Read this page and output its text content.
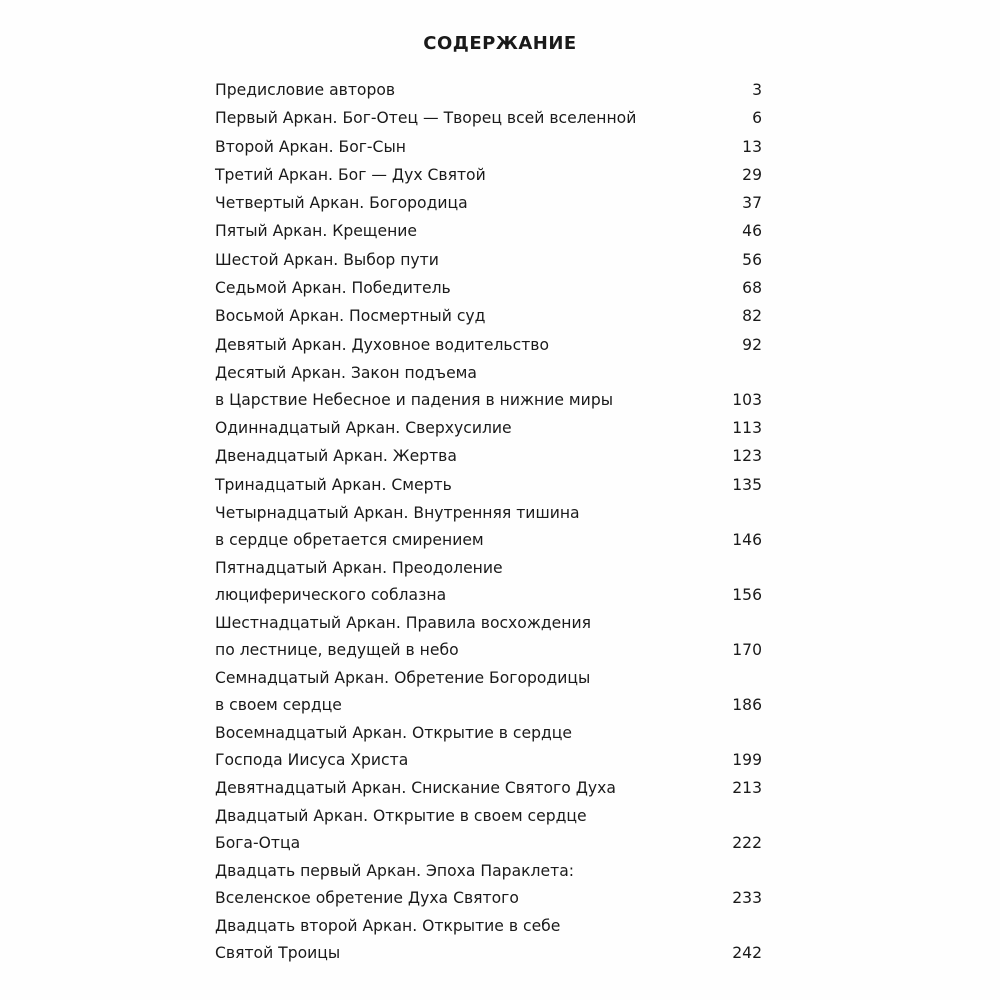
СОДЕРЖАНИЕ
Предисловие авторов . . .	3
Первый Аркан. Бог-Отец — Творец всей вселенной . . .	6
Второй Аркан. Бог-Сын . . .	13
Третий Аркан. Бог — Дух Святой . . .	29
Четвертый Аркан. Богородица . . .	37
Пятый Аркан. Крещение . . .	46
Шестой Аркан. Выбор пути . . .	56
Седьмой Аркан. Победитель . . .	68
Восьмой Аркан. Посмертный суд . . .	82
Девятый Аркан. Духовное водительство . . .	92
Десятый Аркан. Закон подъема
в Царствие Небесное и падения в нижние миры . . .	103
Одиннадцатый Аркан. Сверхусилие . . .	113
Двенадцатый Аркан. Жертва . . .	123
Тринадцатый Аркан. Смерть . . .	135
Четырнадцатый Аркан. Внутренняя тишина
в сердце обретается смирением . . .	146
Пятнадцатый Аркан. Преодоление
люциферического соблазна . . .	156
Шестнадцатый Аркан. Правила восхождения
по лестнице, ведущей в небо . . .	170
Семнадцатый Аркан. Обретение Богородицы
в своем сердце . . .	186
Восемнадцатый Аркан. Открытие в сердце
Господа Иисуса Христа . . .	199
Девятнадцатый Аркан. Снискание Святого Духа . . .	213
Двадцатый Аркан. Открытие в своем сердце
Бога-Отца . . .	222
Двадцать первый Аркан. Эпоха Параклета:
Вселенское обретение Духа Святого . . .	233
Двадцать второй Аркан. Открытие в себе
Святой Троицы . . .	242
